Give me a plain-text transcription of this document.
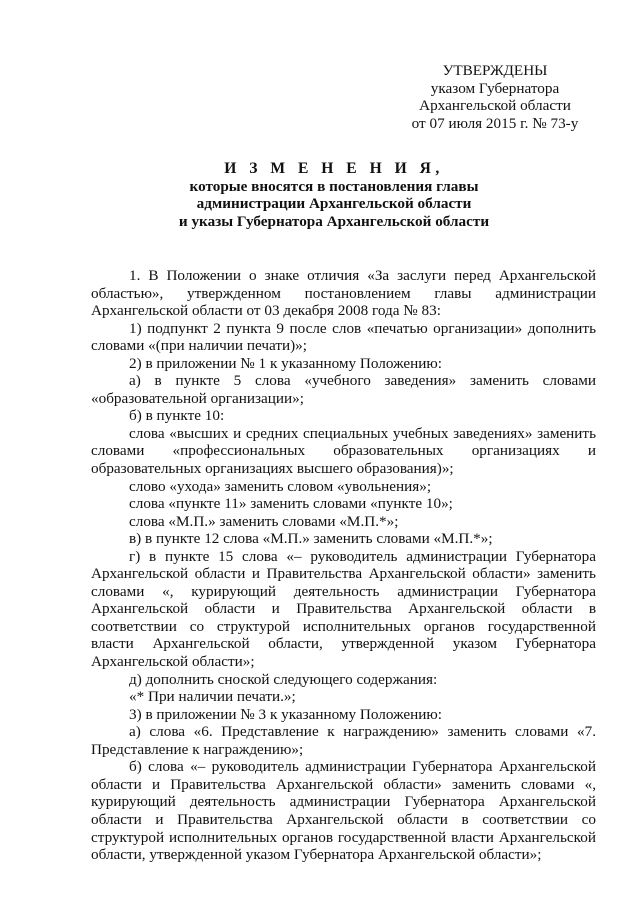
УТВЕРЖДЕНЫ
указом Губернатора
Архангельской области
от 07 июля 2015 г. № 73-у
И З М Е Н Е Н И Я,
которые вносятся в постановления главы
администрации Архангельской области
и указы Губернатора Архангельской области

1. В Положении о знаке отличия «За заслуги перед Архангельской областью», утвержденном постановлением главы администрации Архангельской области от 03 декабря 2008 года № 83:

1) подпункт 2 пункта 9 после слов «печатью организации» дополнить словами «(при наличии печати)»;

2) в приложении № 1 к указанному Положению:

а) в пункте 5 слова «учебного заведения» заменить словами «образовательной организации»;

б) в пункте 10:

слова «высших и средних специальных учебных заведениях» заменить словами «профессиональных образовательных организациях и образовательных организациях высшего образования)»;

слово «ухода» заменить словом «увольнения»;

слова «пункте 11» заменить словами «пункте 10»;

слова «М.П.» заменить словами «М.П.*»;

в) в пункте 12 слова «М.П.» заменить словами «М.П.*»;

г) в пункте 15 слова «– руководитель администрации Губернатора Архангельской области и Правительства Архангельской области» заменить словами «, курирующий деятельность администрации Губернатора Архангельской области и Правительства Архангельской области в соответствии со структурой исполнительных органов государственной власти Архангельской области, утвержденной указом Губернатора Архангельской области»;

д) дополнить сноской следующего содержания:

«* При наличии печати.»;

3) в приложении № 3 к указанному Положению:

а) слова «6. Представление к награждению» заменить словами «7. Представление к награждению»;

б) слова «– руководитель администрации Губернатора Архангельской области и Правительства Архангельской области» заменить словами «, курирующий деятельность администрации Губернатора Архангельской области и Правительства Архангельской области в соответствии со структурой исполнительных органов государственной власти Архангельской области, утвержденной указом Губернатора Архангельской области»;
